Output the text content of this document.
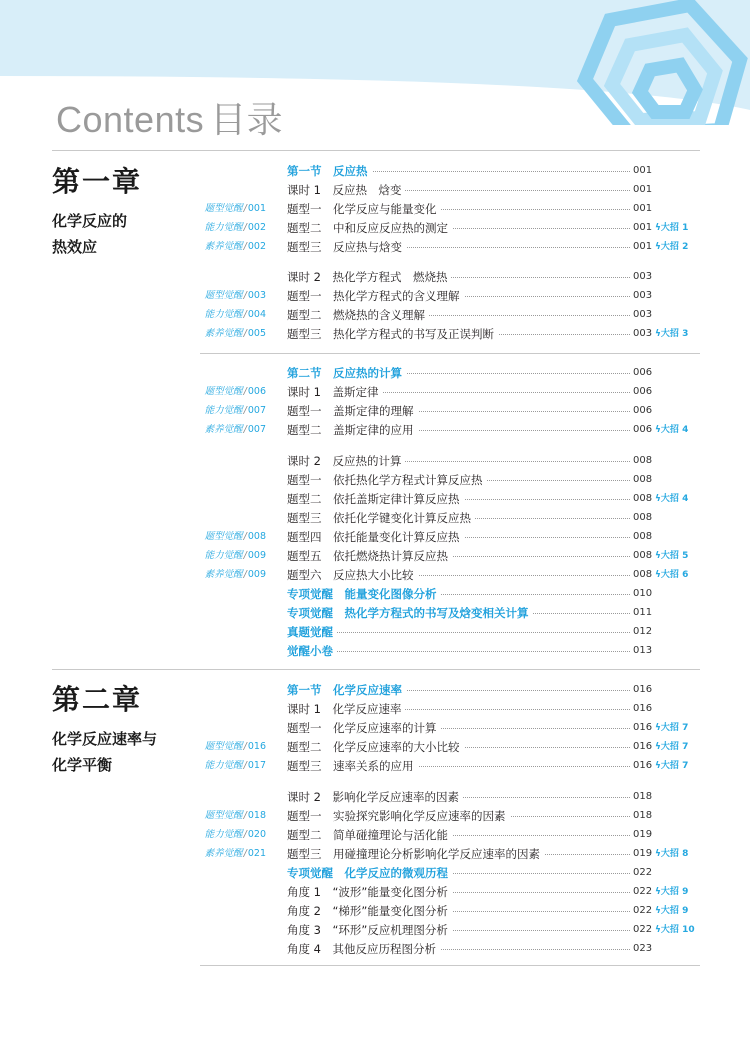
Contents 目录
第一章
化学反应的
热效应
第二章
化学反应速率与
化学平衡
第一节　反应热	001
课时 1　反应热　焓变	001
题型觉醒/001 题型一　化学反应与能量变化	001
能力觉醒/002 题型二　中和反应反应热的测定	001 ϟ大招 1
素养觉醒/002 题型三　反应热与焓变	001 ϟ大招 2
课时 2　热化学方程式　燃烧热	003
题型觉醒/003 题型一　热化学方程式的含义理解	003
能力觉醒/004 题型二　燃烧热的含义理解	003
素养觉醒/005 题型三　热化学方程式的书写及正误判断	003 ϟ大招 3
第二节　反应热的计算	006
题型觉醒/006 课时 1　盖斯定律	006
能力觉醒/007 题型一　盖斯定律的理解	006
素养觉醒/007 题型二　盖斯定律的应用	006 ϟ大招 4
课时 2　反应热的计算	008
题型一　依托热化学方程式计算反应热	008
题型二　依托盖斯定律计算反应热	008 ϟ大招 4
题型三　依托化学键变化计算反应热	008
题型觉醒/008 题型四　依托能量变化计算反应热	008
能力觉醒/009 题型五　依托燃烧热计算反应热	008 ϟ大招 5
素养觉醒/009 题型六　反应热大小比较	008 ϟ大招 6
专项觉醒　能量变化图像分析	010
专项觉醒　热化学方程式的书写及焓变相关计算	011
真题觉醒	012
觉醒小卷	013
第一节　化学反应速率	016
课时 1　化学反应速率	016
题型一　化学反应速率的计算	016 ϟ大招 7
题型觉醒/016 题型二　化学反应速率的大小比较	016 ϟ大招 7
能力觉醒/017 题型三　速率关系的应用	016 ϟ大招 7
课时 2　影响化学反应速率的因素	018
题型觉醒/018 题型一　实验探究影响化学反应速率的因素	018
能力觉醒/020 题型二　简单碰撞理论与活化能	019
素养觉醒/021 题型三　用碰撞理论分析影响化学反应速率的因素	019 ϟ大招 8
专项觉醒　化学反应的微观历程	022
角度 1　“波形”能量变化图分析	022 ϟ大招 9
角度 2　“梯形”能量变化图分析	022 ϟ大招 9
角度 3　“环形”反应机理图分析	022 ϟ大招 10
角度 4　其他反应历程图分析	023
